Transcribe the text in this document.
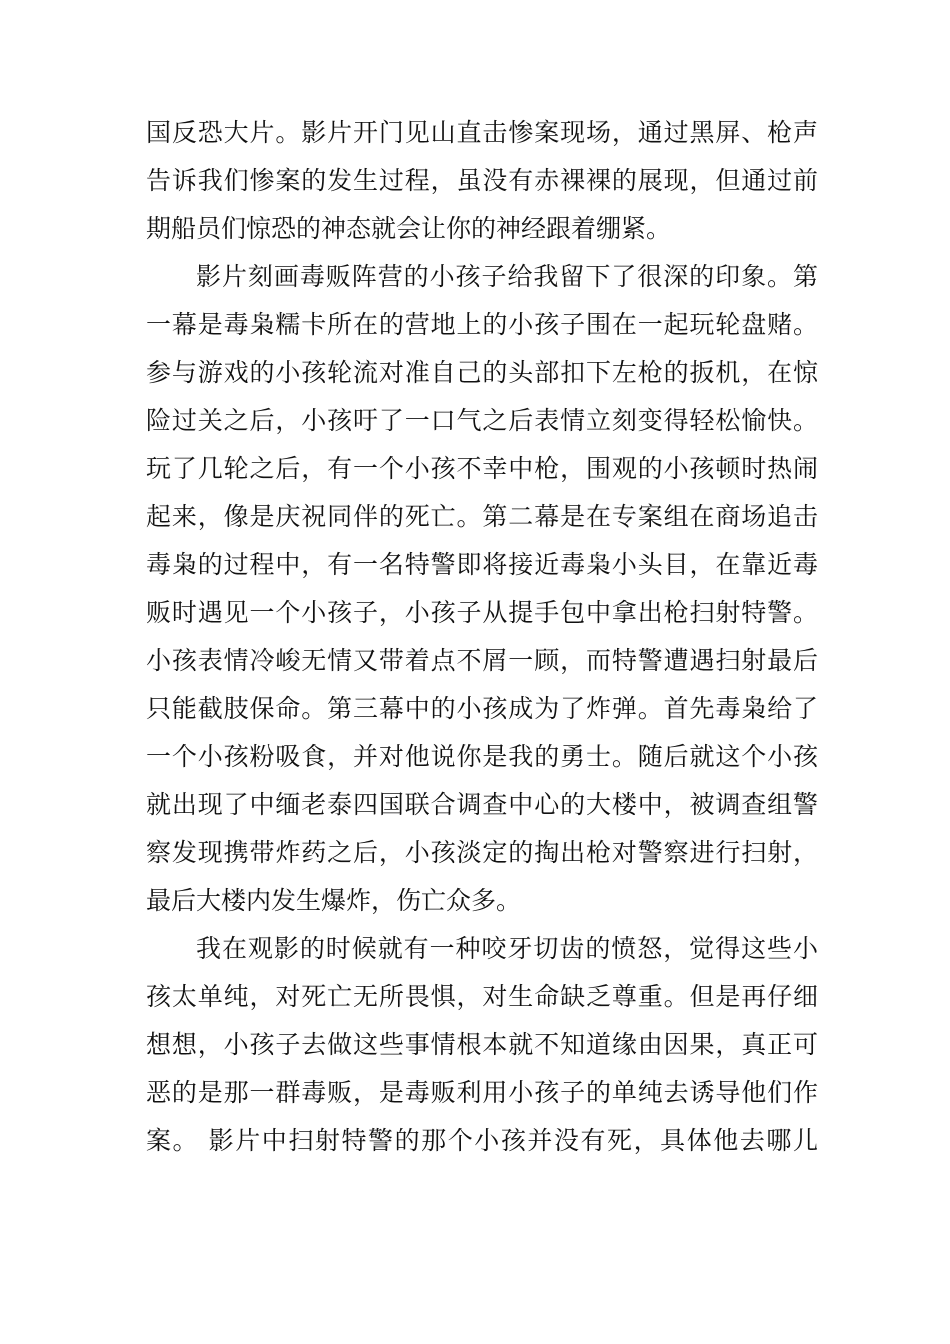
国反恐大片。影片开门见山直击惨案现场，通过黑屏、枪声
告诉我们惨案的发生过程，虽没有赤裸裸的展现，但通过前
期船员们惊恐的神态就会让你的神经跟着绷紧。
影片刻画毒贩阵营的小孩子给我留下了很深的印象。第
一幕是毒枭糯卡所在的营地上的小孩子围在一起玩轮盘赌。
参与游戏的小孩轮流对准自己的头部扣下左枪的扳机，在惊
险过关之后，小孩吁了一口气之后表情立刻变得轻松愉快。
玩了几轮之后，有一个小孩不幸中枪，围观的小孩顿时热闹
起来，像是庆祝同伴的死亡。第二幕是在专案组在商场追击
毒枭的过程中，有一名特警即将接近毒枭小头目，在靠近毒
贩时遇见一个小孩子，小孩子从提手包中拿出枪扫射特警。
小孩表情冷峻无情又带着点不屑一顾，而特警遭遇扫射最后
只能截肢保命。第三幕中的小孩成为了炸弹。首先毒枭给了
一个小孩粉吸食，并对他说你是我的勇士。随后就这个小孩
就出现了中缅老泰四国联合调查中心的大楼中，被调查组警
察发现携带炸药之后，小孩淡定的掏出枪对警察进行扫射，
最后大楼内发生爆炸，伤亡众多。
我在观影的时候就有一种咬牙切齿的愤怒，觉得这些小
孩太单纯，对死亡无所畏惧，对生命缺乏尊重。但是再仔细
想想，小孩子去做这些事情根本就不知道缘由因果，真正可
恶的是那一群毒贩，是毒贩利用小孩子的单纯去诱导他们作
案。 影片中扫射特警的那个小孩并没有死，具体他去哪儿
